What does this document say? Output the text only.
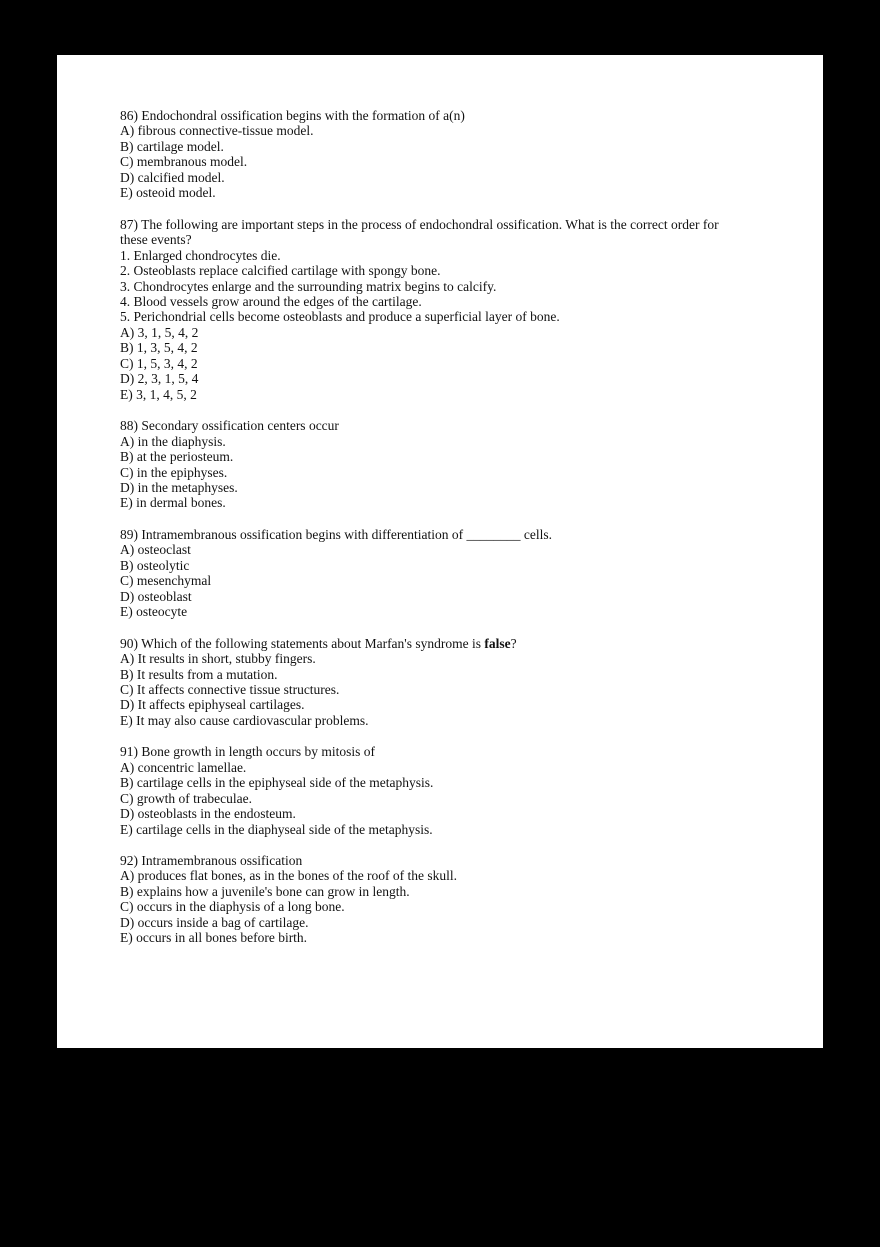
86) Endochondral ossification begins with the formation of a(n)
A) fibrous connective-tissue model.
B) cartilage model.
C) membranous model.
D) calcified model.
E) osteoid model.
87) The following are important steps in the process of endochondral ossification. What is the correct order for
these events?
1. Enlarged chondrocytes die.
2. Osteoblasts replace calcified cartilage with spongy bone.
3. Chondrocytes enlarge and the surrounding matrix begins to calcify.
4. Blood vessels grow around the edges of the cartilage.
5. Perichondrial cells become osteoblasts and produce a superficial layer of bone.
A) 3, 1, 5, 4, 2
B) 1, 3, 5, 4, 2
C) 1, 5, 3, 4, 2
D) 2, 3, 1, 5, 4
E) 3, 1, 4, 5, 2
88) Secondary ossification centers occur
A) in the diaphysis.
B) at the periosteum.
C) in the epiphyses.
D) in the metaphyses.
E) in dermal bones.
89) Intramembranous ossification begins with differentiation of ________ cells.
A) osteoclast
B) osteolytic
C) mesenchymal
D) osteoblast
E) osteocyte
90) Which of the following statements about Marfan's syndrome is false?
A) It results in short, stubby fingers.
B) It results from a mutation.
C) It affects connective tissue structures.
D) It affects epiphyseal cartilages.
E) It may also cause cardiovascular problems.
91) Bone growth in length occurs by mitosis of
A) concentric lamellae.
B) cartilage cells in the epiphyseal side of the metaphysis.
C) growth of trabeculae.
D) osteoblasts in the endosteum.
E) cartilage cells in the diaphyseal side of the metaphysis.
92) Intramembranous ossification
A) produces flat bones, as in the bones of the roof of the skull.
B) explains how a juvenile's bone can grow in length.
C) occurs in the diaphysis of a long bone.
D) occurs inside a bag of cartilage.
E) occurs in all bones before birth.
